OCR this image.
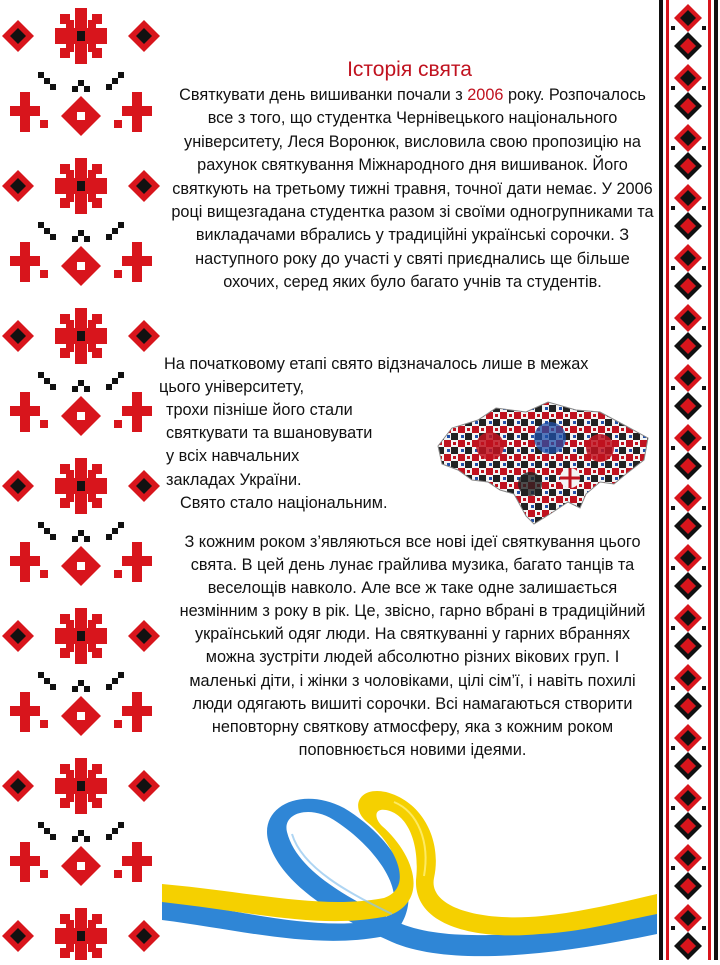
Історія свята
Святкувати день вишиванки почали з 2006 року. Розпочалось все з того, що студентка Чернівецького національного університету, Леся Воронюк, висловила свою пропозицію на рахунок святкування Міжнародного дня вишиванок. Його святкують на третьому тижні травня, точної дати немає. У 2006 році вищезгадана студентка разом зі своїми одногрупниками та викладачами вбрались у традиційні українські сорочки. З наступного року до участі у святі приєднались ще більше охочих, серед яких було багато учнів та студентів.
На початковому етапі свято відзначалось лише в межах
цього університету,
трохи пізніше його стали
святкувати та вшановувати
у всіх навчальних
закладах України.
Свято стало національним.
З кожним роком з’являються все нові ідеї святкування цього свята. В цей день лунає грайлива музика, багато танців та веселощів навколо. Але все ж таке одне залишається незмінним з року в рік. Це, звісно, гарно вбрані в традиційний український одяг люди. На святкуванні у гарних вбраннях можна зустріти людей абсолютно різних вікових груп. І маленькі діти, і жінки з чоловіками, цілі сім’ї, і навіть похилі люди одягають вишиті сорочки. Всі намагаються створити неповторну святкову атмосферу, яка з кожним роком поповнюється новими ідеями.
